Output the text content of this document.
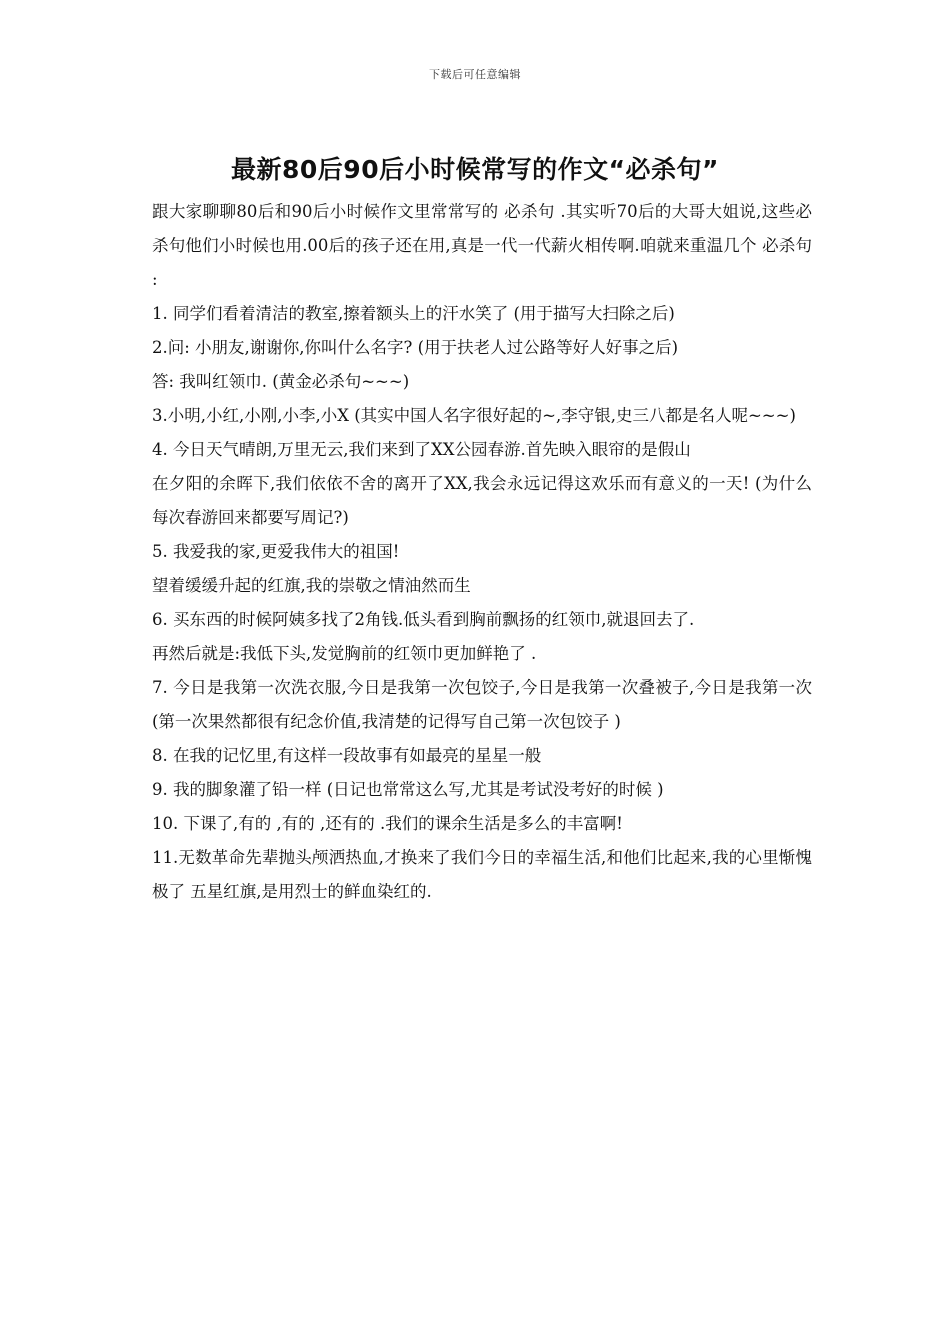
下载后可任意编辑
最新80后90后小时候常写的作文“必杀句”

跟大家聊聊80后和90后小时候作文里常常写的 必杀句 .其实听70后的大哥大姐说,这些必杀句他们小时候也用.00后的孩子还在用,真是一代一代薪火相传啊.咱就来重温几个 必杀句 :

1. 同学们看着清洁的教室,擦着额头上的汗水笑了 (用于描写大扫除之后)

2.问: 小朋友,谢谢你,你叫什么名字? (用于扶老人过公路等好人好事之后)

答: 我叫红领巾. (黄金必杀句~~~)

3.小明,小红,小刚,小李,小X (其实中国人名字很好起的~,李守银,史三八都是名人呢~~~)

4. 今日天气晴朗,万里无云,我们来到了XX公园春游.首先映入眼帘的是假山

在夕阳的余晖下,我们依依不舍的离开了XX,我会永远记得这欢乐而有意义的一天! (为什么每次春游回来都要写周记?)

5. 我爱我的家,更爱我伟大的祖国!

望着缓缓升起的红旗,我的崇敬之情油然而生

6. 买东西的时候阿姨多找了2角钱.低头看到胸前飘扬的红领巾,就退回去了.

再然后就是:我低下头,发觉胸前的红领巾更加鲜艳了 .

7. 今日是我第一次洗衣服,今日是我第一次包饺子,今日是我第一次叠被子,今日是我第一次 (第一次果然都很有纪念价值,我清楚的记得写自己第一次包饺子 )

8. 在我的记忆里,有这样一段故事有如最亮的星星一般

9. 我的脚象灌了铅一样 (日记也常常这么写,尤其是考试没考好的时候 )

10. 下课了,有的 ,有的 ,还有的 .我们的课余生活是多么的丰富啊!

11.无数革命先辈抛头颅洒热血,才换来了我们今日的幸福生活,和他们比起来,我的心里惭愧极了 五星红旗,是用烈士的鲜血染红的.
